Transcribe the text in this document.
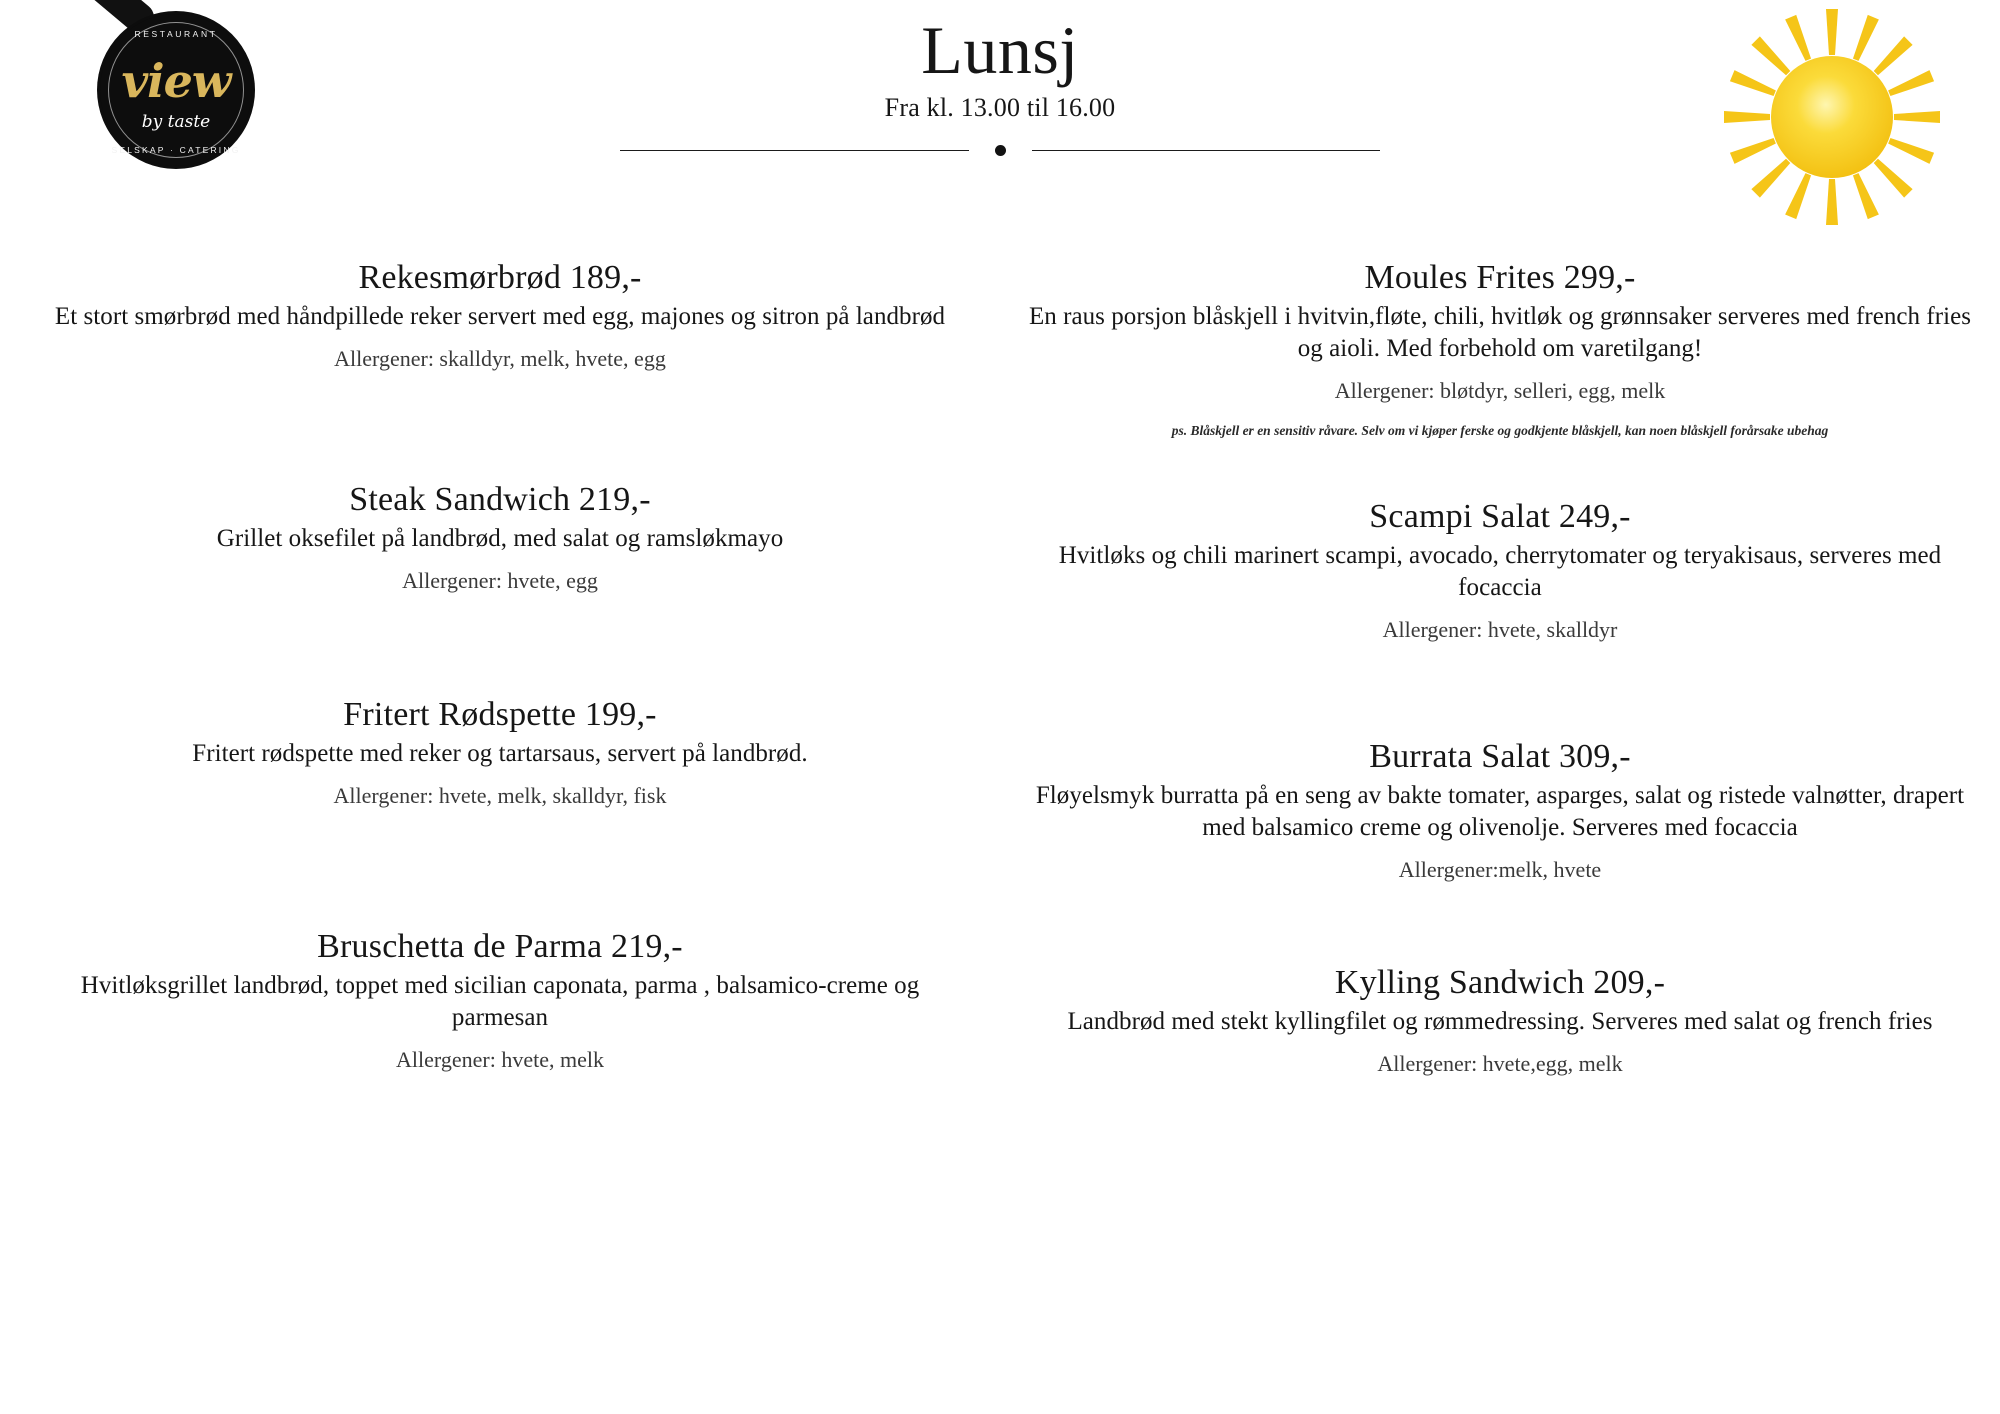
RESTAURANT
view
by taste
SELSKAP · CATERING
Lunsj
Fra kl. 13.00 til 16.00
Rekesmørbrød 189,-

Et stort smørbrød med håndpillede reker servert med egg, majones og sitron på landbrød

Allergener: skalldyr, melk, hvete, egg

Steak Sandwich 219,-

Grillet oksefilet på landbrød, med salat og ramsløkmayo

Allergener: hvete, egg

Fritert Rødspette 199,-

Fritert rødspette med reker og tartarsaus, servert på landbrød.

Allergener: hvete, melk, skalldyr, fisk

Bruschetta de Parma 219,-

Hvitløksgrillet landbrød, toppet med sicilian caponata, parma , balsamico-creme og parmesan

Allergener: hvete, melk

Moules Frites 299,-

En raus porsjon blåskjell i hvitvin,fløte, chili, hvitløk og grønnsaker serveres med french fries og aioli. Med forbehold om varetilgang!

Allergener: bløtdyr, selleri, egg, melk

ps. Blåskjell er en sensitiv råvare. Selv om vi kjøper ferske og godkjente blåskjell, kan noen blåskjell forårsake ubehag

Scampi Salat 249,-

Hvitløks og chili marinert scampi, avocado, cherrytomater og teryakisaus, serveres med focaccia

Allergener: hvete, skalldyr

Burrata Salat 309,-

Fløyelsmyk burratta på en seng av bakte tomater, asparges, salat og ristede valnøtter, drapert med balsamico creme og olivenolje. Serveres med focaccia

Allergener:melk, hvete

Kylling Sandwich 209,-

Landbrød med stekt kyllingfilet og rømmedressing. Serveres med salat og french fries

Allergener: hvete,egg, melk
